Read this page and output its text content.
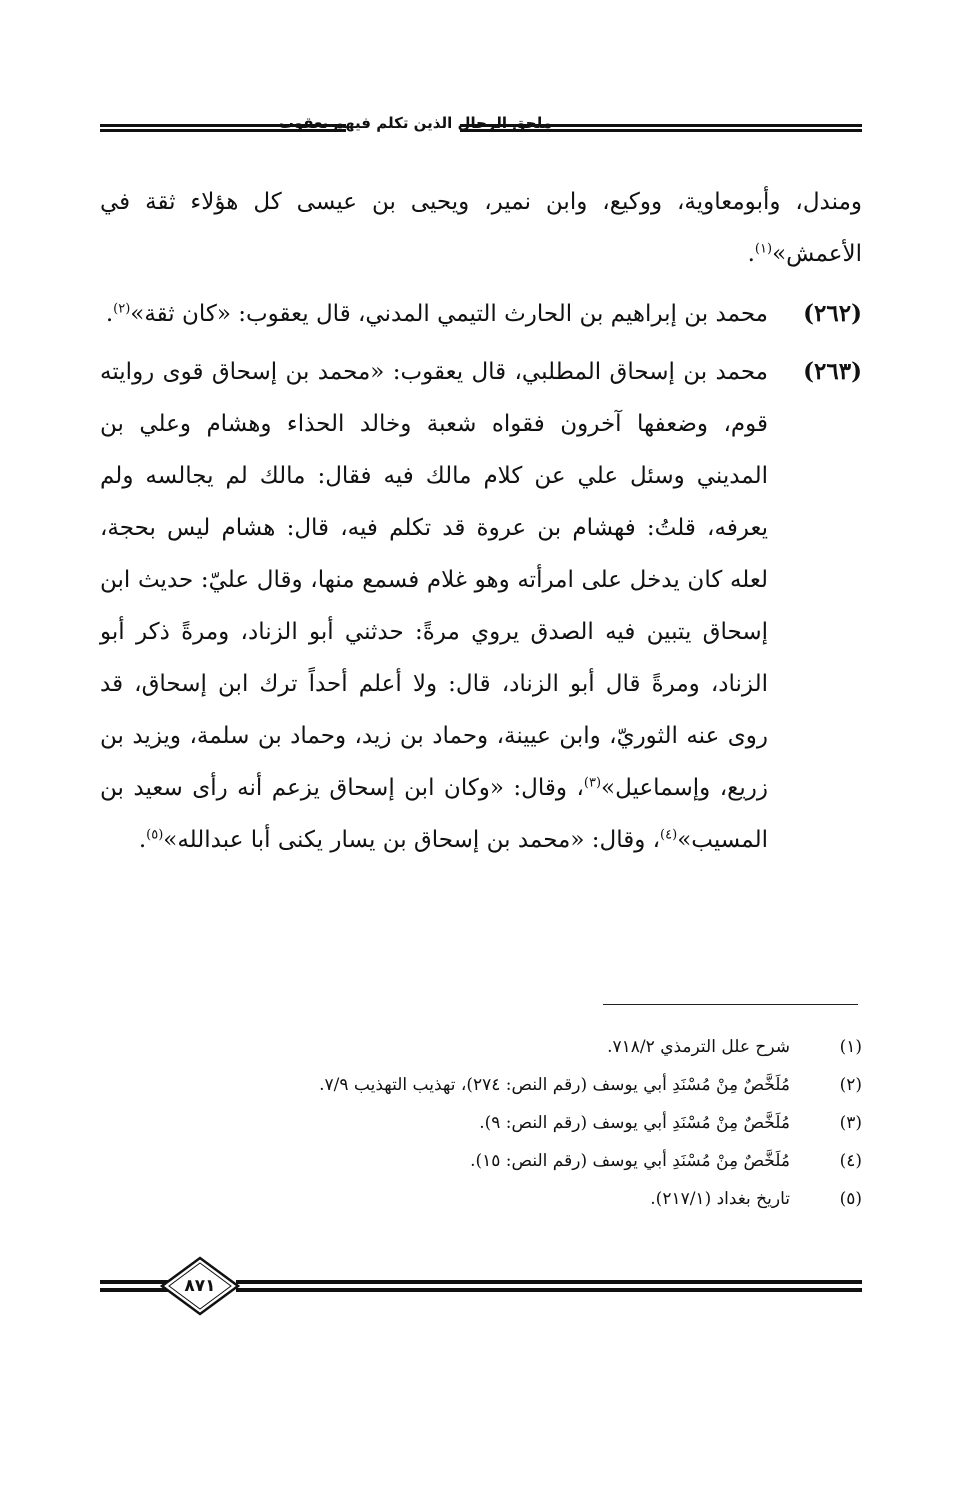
ملحق الرجال الذين تكلم فيهم يعقوب

ومندل، وأبومعاوية، ووكيع، وابن نمير، ويحيى بن عيسى كل هؤلاء ثقة في الأعمش»$^{(١)}$.

(٢٦٢)
محمد بن إبراهيم بن الحارث التيمي المدني، قال يعقوب: «كان ثقة»$^{(٢)}$.
(٢٦٣)
محمد بن إسحاق المطلبي، قال يعقوب: «محمد بن إسحاق قوى روايته قوم، وضعفها آخرون فقواه شعبة وخالد الحذاء وهشام وعلي بن المديني وسئل علي عن كلام مالك فيه فقال: مالك لم يجالسه ولم يعرفه، قلتُ: فهشام بن عروة قد تكلم فيه، قال: هشام ليس بحجة، لعله كان يدخل على امرأته وهو غلام فسمع منها، وقال عليّ: حديث ابن إسحاق يتبين فيه الصدق يروي مرةً: حدثني أبو الزناد، ومرةً ذكر أبو الزناد، ومرةً قال أبو الزناد، قال: ولا أعلم أحداً ترك ابن إسحاق، قد روى عنه الثوريّ، وابن عيينة، وحماد بن زيد، وحماد بن سلمة، ويزيد بن زريع، وإسماعيل»$^{(٣)}$، وقال: «وكان ابن إسحاق يزعم أنه رأى سعيد بن المسيب»$^{(٤)}$، وقال: «محمد بن إسحاق بن يسار يكنى أبا عبدالله»$^{(٥)}$.
(١)
شرح علل الترمذي ٧١٨/٢.
(٢)
مُلَخَّصٌ مِنْ مُسْنَدِ أبي يوسف (رقم النص: ٢٧٤)، تهذيب التهذيب ٧/٩.
(٣)
مُلَخَّصٌ مِنْ مُسْنَدِ أبي يوسف (رقم النص: ٩).
(٤)
مُلَخَّصٌ مِنْ مُسْنَدِ أبي يوسف (رقم النص: ١٥).
(٥)
تاريخ بغداد (٢١٧/١).
٨٧١
